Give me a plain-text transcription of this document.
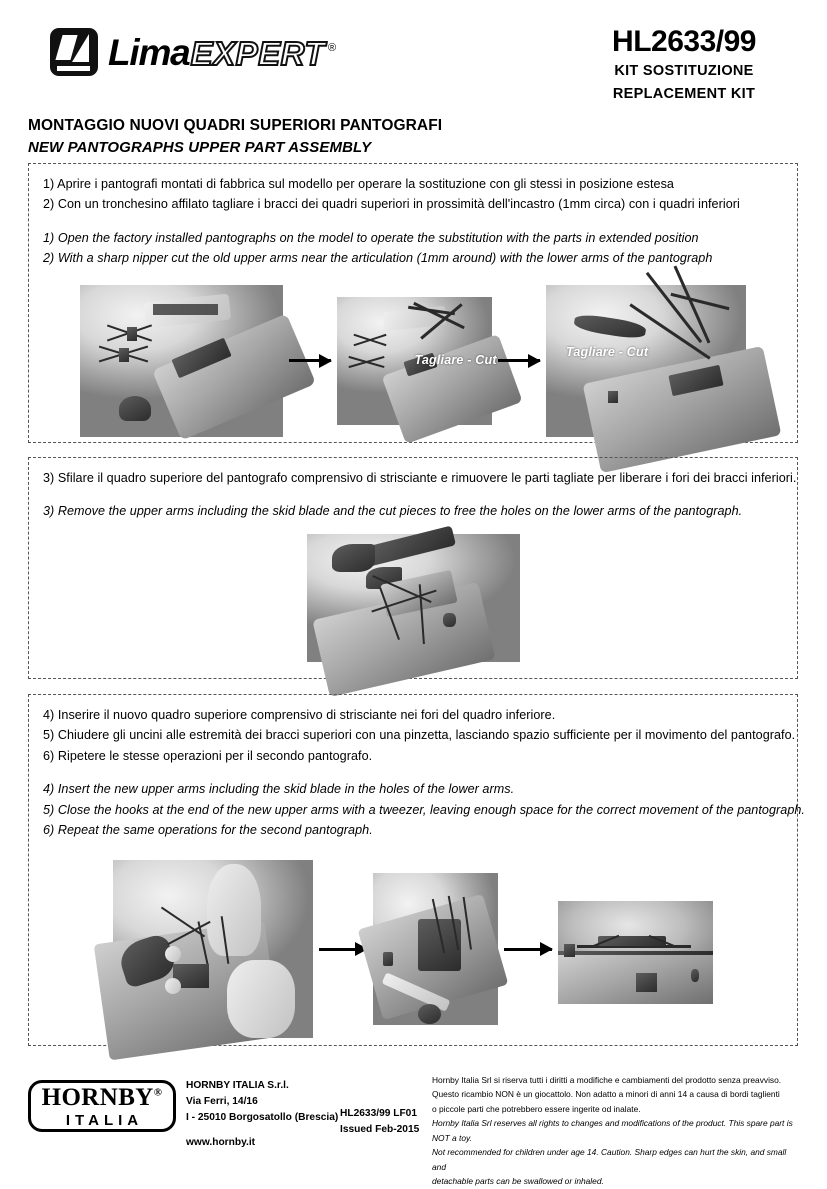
Lima EXPERT ®	HL2633/99
KIT SOSTITUZIONE
REPLACEMENT KIT
MONTAGGIO NUOVI QUADRI SUPERIORI PANTOGRAFI
NEW PANTOGRAPHS UPPER PART ASSEMBLY
1) Aprire i pantografi montati di fabbrica sul modello per operare la sostituzione con gli stessi in posizione estesa
2) Con un tronchesino affilato tagliare i bracci dei quadri superiori in prossimità dell'incastro (1mm circa) con i quadri inferiori
1) Open the factory installed pantographs on the model to operate the substitution with the parts in extended position
2) With a sharp nipper cut the old upper arms near the articulation (1mm around) with the lower arms of the pantograph
Tagliare - Cut
Tagliare - Cut
3) Sfilare il quadro superiore del pantografo comprensivo di strisciante e rimuovere le parti tagliate per liberare i fori dei bracci inferiori.
3) Remove the upper arms including the skid blade and the cut pieces to free the holes on the lower arms of the pantograph.
4) Inserire il nuovo quadro superiore comprensivo di strisciante nei fori del quadro inferiore.
5) Chiudere gli uncini alle estremità dei bracci superiori con una pinzetta, lasciando spazio sufficiente per il movimento del pantografo.
6) Ripetere le stesse operazioni per il secondo pantografo.
4) Insert the new upper arms including the skid blade in the holes of the lower arms.
5) Close the hooks at the end of the new upper arms with a tweezer, leaving enough space for the correct movement of the pantograph.
6) Repeat the same operations for the second pantograph.
HORNBY®
ITALIA
HORNBY ITALIA S.r.l.
Via Ferri, 14/16
I - 25010 Borgosatollo (Brescia)
www.hornby.it
HL2633/99 LF01
Issued Feb-2015
Hornby Italia Srl si riserva tutti i diritti a modifiche e cambiamenti del prodotto senza preavviso.
Questo ricambio NON è un giocattolo. Non adatto a minori di anni 14 a causa di bordi taglienti
o piccole parti che potrebbero essere ingerite od inalate.
Hornby Italia Srl reserves all rights to changes and modifications of the product. This spare part is NOT a toy.
Not recommended for children under age 14. Caution. Sharp edges can hurt the skin, and small and
detachable parts can be swallowed or inhaled.
